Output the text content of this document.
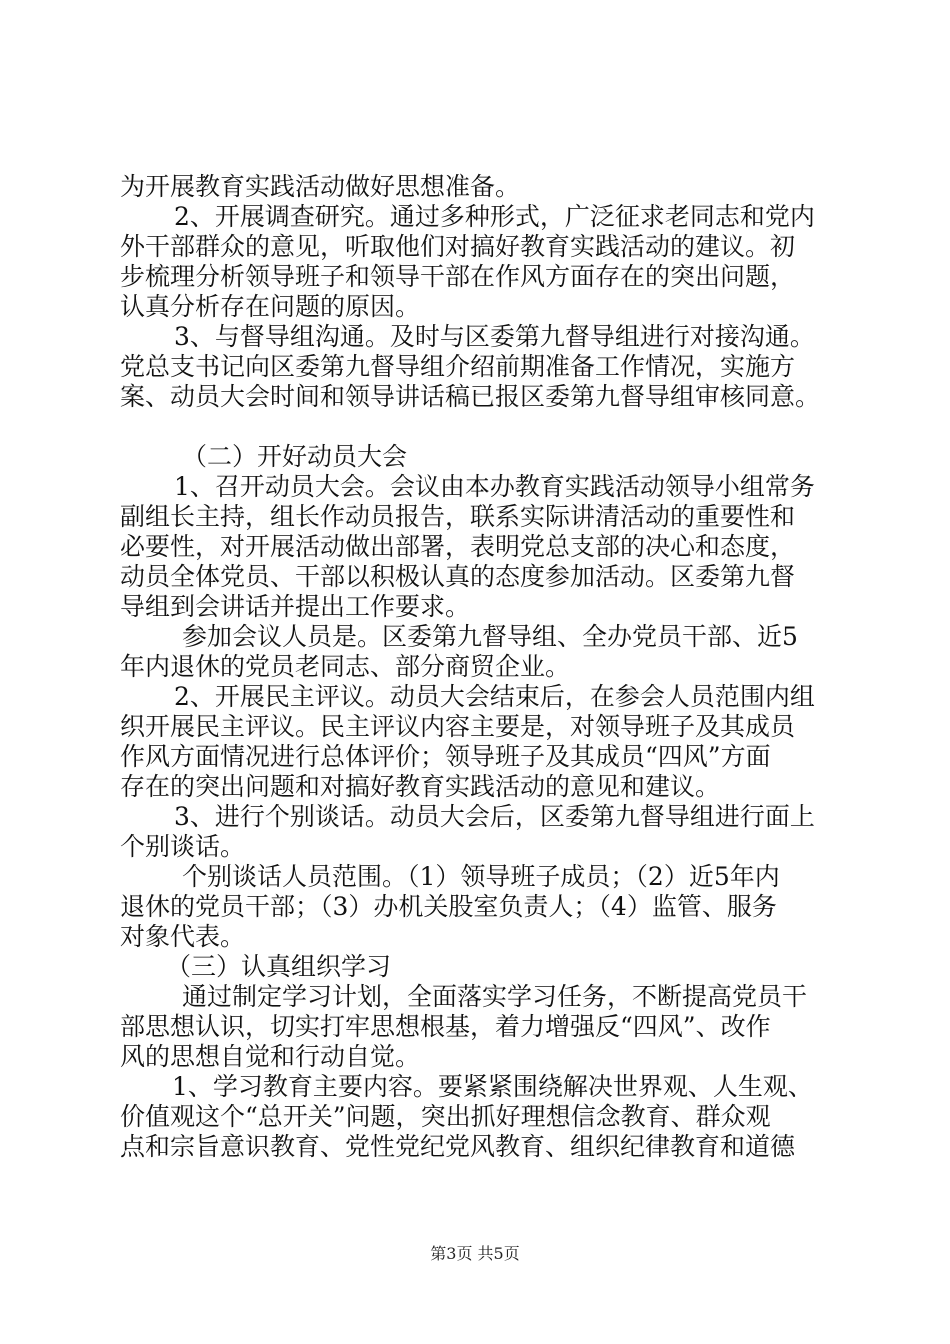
为开展教育实践活动做好思想准备。
2、开展调查研究。通过多种形式，广泛征求老同志和党内
外干部群众的意见，听取他们对搞好教育实践活动的建议。初
步梳理分析领导班子和领导干部在作风方面存在的突出问题，
认真分析存在问题的原因。
3、与督导组沟通。及时与区委第九督导组进行对接沟通。
党总支书记向区委第九督导组介绍前期准备工作情况，实施方
案、动员大会时间和领导讲话稿已报区委第九督导组审核同意。
（二）开好动员大会
1、召开动员大会。会议由本办教育实践活动领导小组常务
副组长主持，组长作动员报告，联系实际讲清活动的重要性和
必要性，对开展活动做出部署，表明党总支部的决心和态度，
动员全体党员、干部以积极认真的态度参加活动。区委第九督
导组到会讲话并提出工作要求。
参加会议人员是。区委第九督导组、全办党员干部、近5
年内退休的党员老同志、部分商贸企业。
2、开展民主评议。动员大会结束后，在参会人员范围内组
织开展民主评议。民主评议内容主要是，对领导班子及其成员
作风方面情况进行总体评价；领导班子及其成员“四风”方面
存在的突出问题和对搞好教育实践活动的意见和建议。
3、进行个别谈话。动员大会后，区委第九督导组进行面上
个别谈话。
个别谈话人员范围。（1）领导班子成员；（2）近5年内
退休的党员干部；（3）办机关股室负责人；（4）监管、服务
对象代表。
（三）认真组织学习
通过制定学习计划，全面落实学习任务，不断提高党员干
部思想认识，切实打牢思想根基，着力增强反“四风”、改作
风的思想自觉和行动自觉。
1、学习教育主要内容。要紧紧围绕解决世界观、人生观、
价值观这个“总开关”问题，突出抓好理想信念教育、群众观
点和宗旨意识教育、党性党纪党风教育、组织纪律教育和道德
第3页 共5页
